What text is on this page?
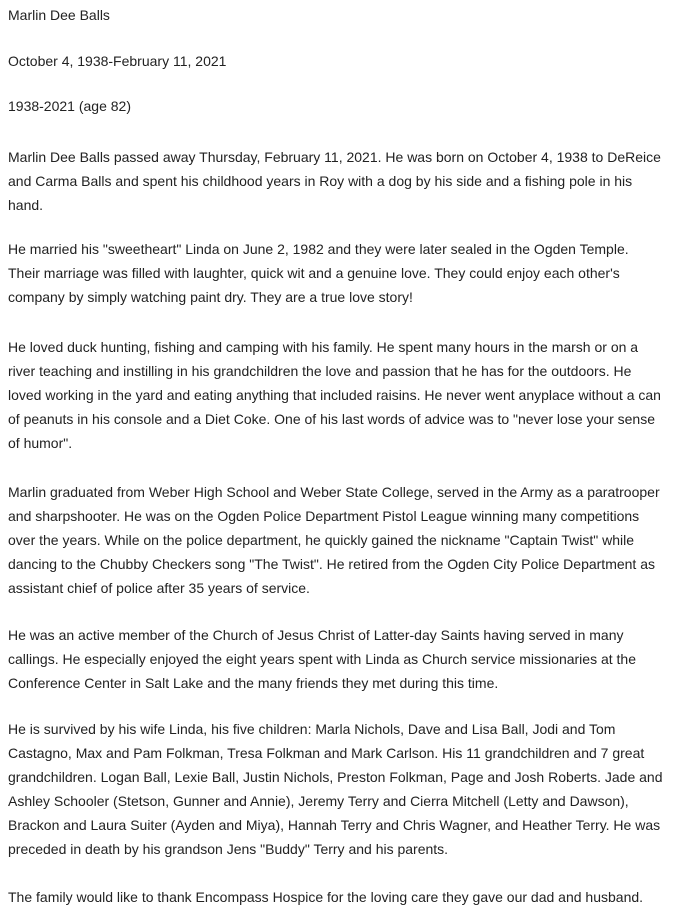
Marlin Dee Balls

October 4, 1938-February 11, 2021

1938-2021 (age 82)

Marlin Dee Balls passed away Thursday, February 11, 2021. He was born on October 4, 1938 to DeReice
and Carma Balls and spent his childhood years in Roy with a dog by his side and a fishing pole in his
hand.
He married his "sweetheart" Linda on June 2, 1982 and they were later sealed in the Ogden Temple.
Their marriage was filled with laughter, quick wit and a genuine love. They could enjoy each other's
company by simply watching paint dry. They are a true love story!
He loved duck hunting, fishing and camping with his family. He spent many hours in the marsh or on a
river teaching and instilling in his grandchildren the love and passion that he has for the outdoors. He
loved working in the yard and eating anything that included raisins. He never went anyplace without a can
of peanuts in his console and a Diet Coke. One of his last words of advice was to "never lose your sense
of humor".
Marlin graduated from Weber High School and Weber State College, served in the Army as a paratrooper
and sharpshooter. He was on the Ogden Police Department Pistol League winning many competitions
over the years. While on the police department, he quickly gained the nickname "Captain Twist" while
dancing to the Chubby Checkers song "The Twist". He retired from the Ogden City Police Department as
assistant chief of police after 35 years of service.
He was an active member of the Church of Jesus Christ of Latter-day Saints having served in many
callings. He especially enjoyed the eight years spent with Linda as Church service missionaries at the
Conference Center in Salt Lake and the many friends they met during this time.
He is survived by his wife Linda, his five children: Marla Nichols, Dave and Lisa Ball, Jodi and Tom
Castagno, Max and Pam Folkman, Tresa Folkman and Mark Carlson. His 11 grandchildren and 7 great
grandchildren. Logan Ball, Lexie Ball, Justin Nichols, Preston Folkman, Page and Josh Roberts. Jade and
Ashley Schooler (Stetson, Gunner and Annie), Jeremy Terry and Cierra Mitchell (Letty and Dawson),
Brackon and Laura Suiter (Ayden and Miya), Hannah Terry and Chris Wagner, and Heather Terry. He was
preceded in death by his grandson Jens "Buddy" Terry and his parents.
The family would like to thank Encompass Hospice for the loving care they gave our dad and husband.
